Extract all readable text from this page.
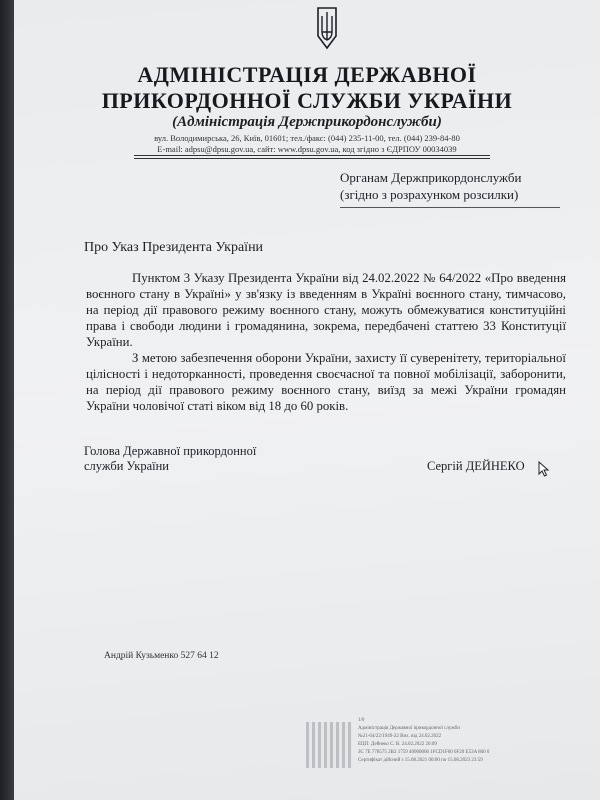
АДМІНІСТРАЦІЯ ДЕРЖАВНОЇ
ПРИКОРДОННОЇ СЛУЖБИ УКРАЇНИ
(Адміністрація Держприкордонслужби)
вул. Володимирська, 26, Київ, 01601; тел./факс: (044) 235-11-00, тел. (044) 239-84-80
E-mail: adpsu@dpsu.gov.ua, сайт: www.dpsu.gov.ua, код згідно з ЄДРПОУ 00034039
Органам Держприкордонслужби
(згідно з розрахунком розсилки)
Про Указ Президента України
Пунктом 3 Указу Президента України від 24.02.2022 № 64/2022 «Про введення воєнного стану в Україні» у зв'язку із введенням в Україні воєнного стану, тимчасово, на період дії правового режиму воєнного стану, можуть обмежуватися конституційні права і свободи людини і громадянина, зокрема, передбачені статтею 33 Конституції України.
З метою забезпечення оборони України, захисту її суверенітету, територіальної цілісності і недоторканності, проведення своєчасної та повної мобілізації, заборонити, на період дії правового режиму воєнного стану, виїзд за межі України громадян України чоловічої статі віком від 18 до 60 років.
Голова Державної прикордонної
служби України	Сергій ДЕЙНЕКО
Андрій Кузьменко 527 64 12
1/0
Адміністрація Державної прикордонної служби
№21-64/22/1949-22 Вих. від 24.02.2022
ЕЦП: Дейнеко С. В. 24.02.2022 20:09
ЗС 7E 778575 2B2 1759 40000000 1FCD1F60 0F20 E53A 860 0
Сертифікат дійсний з 15.08.2021 00:00 по 15.08.2023 23:59
